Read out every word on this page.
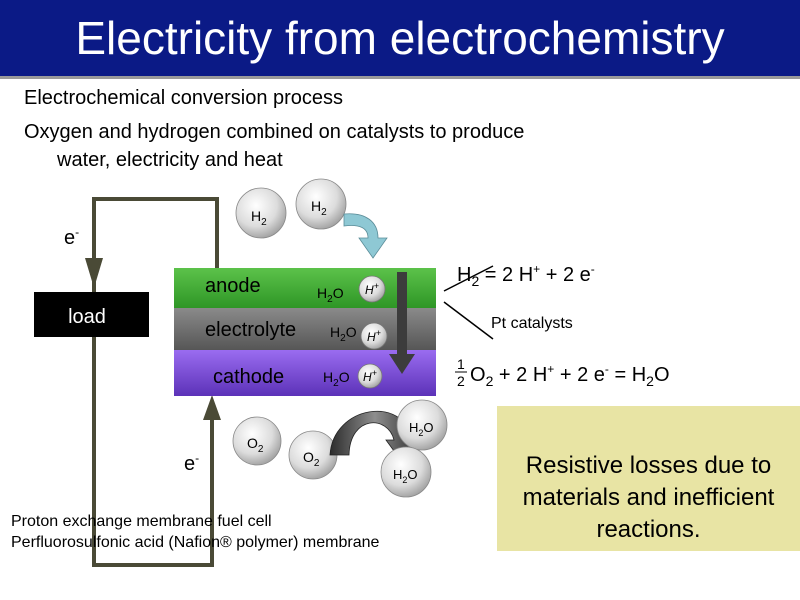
Electricity from electrochemistry
Electrochemical conversion process
Oxygen and hydrogen combined on catalysts to produce
water, electricity and heat
load
e-
e-
anode
electrolyte
cathode
$H_2O$
$H_2O$
$H_2O$
H+
H+
H+
$H_2$
$H_2$
$O_2$	$O_2$
$H_2O$
$H_2O$
$H_2 = 2$ H+ + 2 e-
Pt catalysts
1
2 $O_2 + 2$ H+ + 2 $e^- = H_2O$
Resistive losses due to materials and inefficient reactions.
Proton exchange membrane fuel cell
Perfluorosulfonic acid (Nafion® polymer) membrane
